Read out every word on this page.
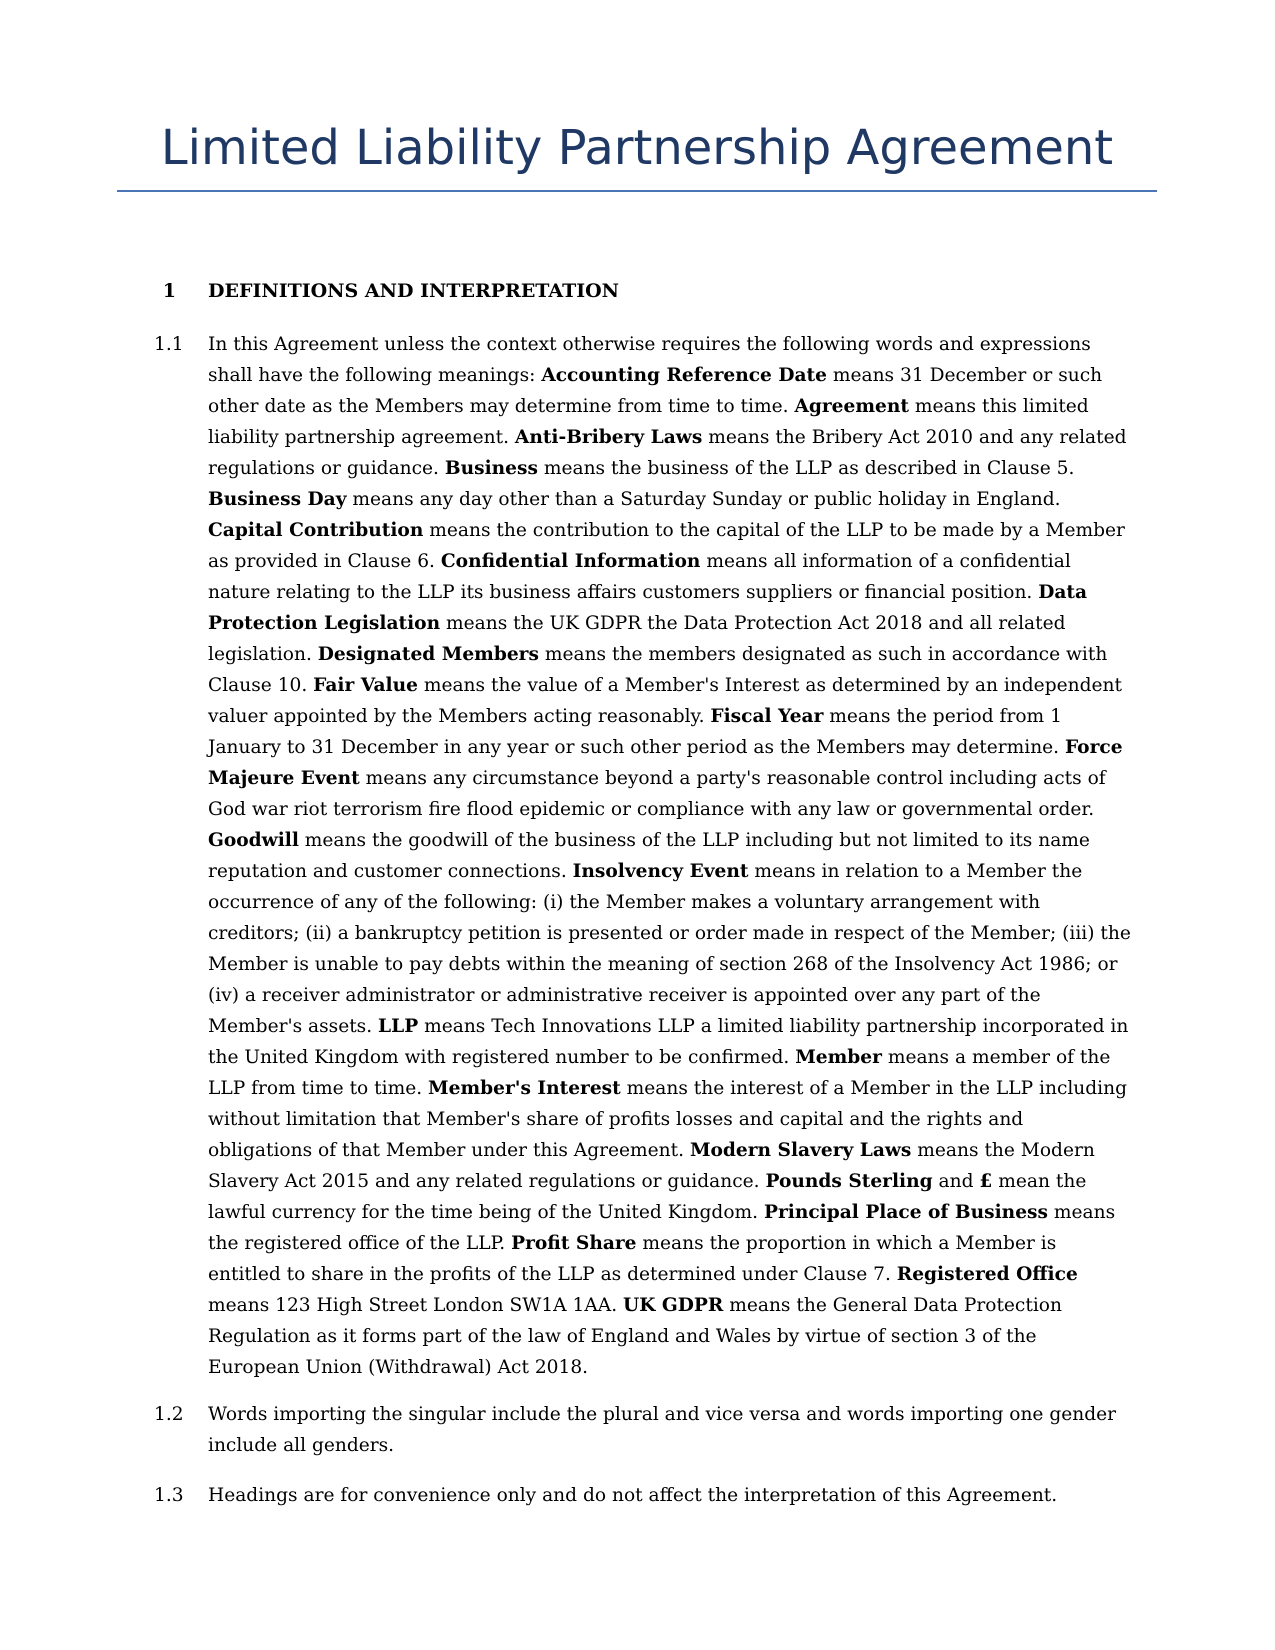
Limited Liability Partnership Agreement
1 DEFINITIONS AND INTERPRETATION
1.1 In this Agreement unless the context otherwise requires the following words and expressions shall have the following meanings: Accounting Reference Date means 31 December or such other date as the Members may determine from time to time. Agreement means this limited liability partnership agreement. Anti-Bribery Laws means the Bribery Act 2010 and any related regulations or guidance. Business means the business of the LLP as described in Clause 5. Business Day means any day other than a Saturday Sunday or public holiday in England. Capital Contribution means the contribution to the capital of the LLP to be made by a Member as provided in Clause 6. Confidential Information means all information of a confidential nature relating to the LLP its business affairs customers suppliers or financial position. Data Protection Legislation means the UK GDPR the Data Protection Act 2018 and all related legislation. Designated Members means the members designated as such in accordance with Clause 10. Fair Value means the value of a Member's Interest as determined by an independent valuer appointed by the Members acting reasonably. Fiscal Year means the period from 1 January to 31 December in any year or such other period as the Members may determine. Force Majeure Event means any circumstance beyond a party's reasonable control including acts of God war riot terrorism fire flood epidemic or compliance with any law or governmental order. Goodwill means the goodwill of the business of the LLP including but not limited to its name reputation and customer connections. Insolvency Event means in relation to a Member the occurrence of any of the following: (i) the Member makes a voluntary arrangement with creditors; (ii) a bankruptcy petition is presented or order made in respect of the Member; (iii) the Member is unable to pay debts within the meaning of section 268 of the Insolvency Act 1986; or (iv) a receiver administrator or administrative receiver is appointed over any part of the Member's assets. LLP means Tech Innovations LLP a limited liability partnership incorporated in the United Kingdom with registered number to be confirmed. Member means a member of the LLP from time to time. Member's Interest means the interest of a Member in the LLP including without limitation that Member's share of profits losses and capital and the rights and obligations of that Member under this Agreement. Modern Slavery Laws means the Modern Slavery Act 2015 and any related regulations or guidance. Pounds Sterling and £ mean the lawful currency for the time being of the United Kingdom. Principal Place of Business means the registered office of the LLP. Profit Share means the proportion in which a Member is entitled to share in the profits of the LLP as determined under Clause 7. Registered Office means 123 High Street London SW1A 1AA. UK GDPR means the General Data Protection Regulation as it forms part of the law of England and Wales by virtue of section 3 of the European Union (Withdrawal) Act 2018.
1.2 Words importing the singular include the plural and vice versa and words importing one gender include all genders.
1.3 Headings are for convenience only and do not affect the interpretation of this Agreement.
